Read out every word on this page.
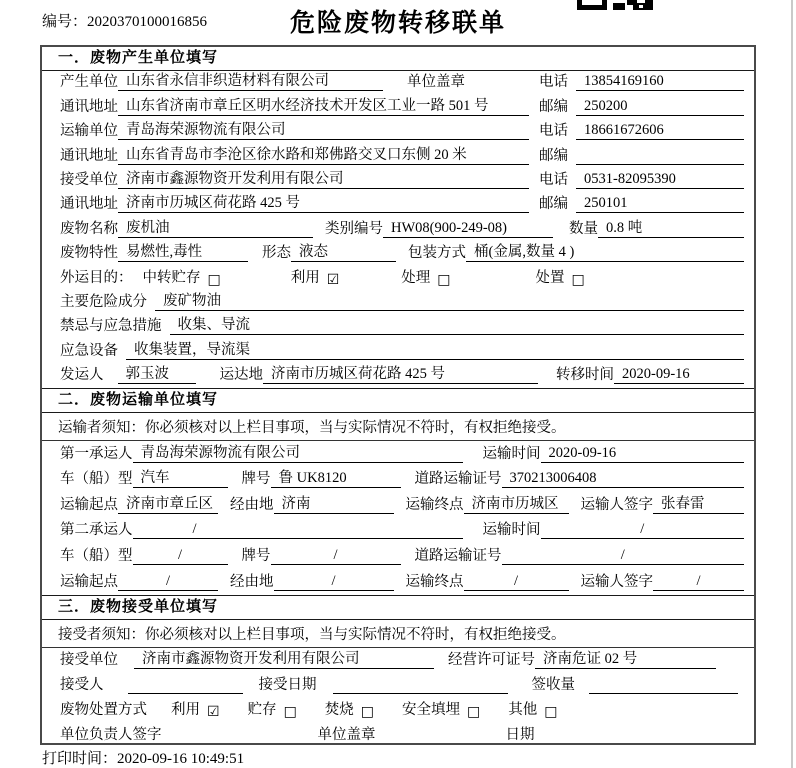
编号：2020370100016856	危险废物转移联单
一．废物产生单位填写
产生单位 山东省永信非织造材料有限公司	单位盖章	电话	13854169160
通讯地址 山东省济南市章丘区明水经济技术开发区工业一路 501 号	邮编	250200
运输单位 青岛海荣源物流有限公司	电话	18661672606
通讯地址 山东省青岛市李沧区徐水路和郑佛路交叉口东侧 20 米	邮编
接受单位 济南市鑫源物资开发利用有限公司	电话	0531-82095390
通讯地址 济南市历城区荷花路 425 号	邮编	250101
废物名称 废机油	类别编号 HW08(900-249-08)	数量 0.8 吨
废物特性 易燃性,毒性	形态 液态	包装方式 桶(金属,数量 4 )
外运目的： 中转贮存 □	利用 ☑	处理 □	处置 □
主要危险成分	废矿物油
禁忌与应急措施	收集、导流
应急设备	收集装置，导流渠
发运人	郭玉波	运达地 济南市历城区荷花路 425 号	转移时间 2020-09-16
二．废物运输单位填写
运输者须知：你必须核对以上栏目事项，当与实际情况不符时，有权拒绝接受。
第一承运人 青岛海荣源物流有限公司	运输时间 2020-09-16
车（船）型 汽车	牌号 鲁 UK8120	道路运输证号 370213006408
运输起点 济南市章丘区	经由地 济南	运输终点 济南市历城区	运输人签字 张春雷
第二承运人	/	运输时间	/
车（船）型	/	牌号	/	道路运输证号	/
运输起点	/	经由地	/	运输终点	/	运输人签字	/
三．废物接受单位填写
接受者须知：你必须核对以上栏目事项，当与实际情况不符时，有权拒绝接受。
接受单位	济南市鑫源物资开发利用有限公司	经营许可证号 济南危证 02 号
接受人	接受日期	签收量
废物处置方式 利用 ☑ 贮存 □ 焚烧 □ 安全填埋 □ 其他 □
单位负责人签字	单位盖章	日期
打印时间：2020-09-16 10:49:51
